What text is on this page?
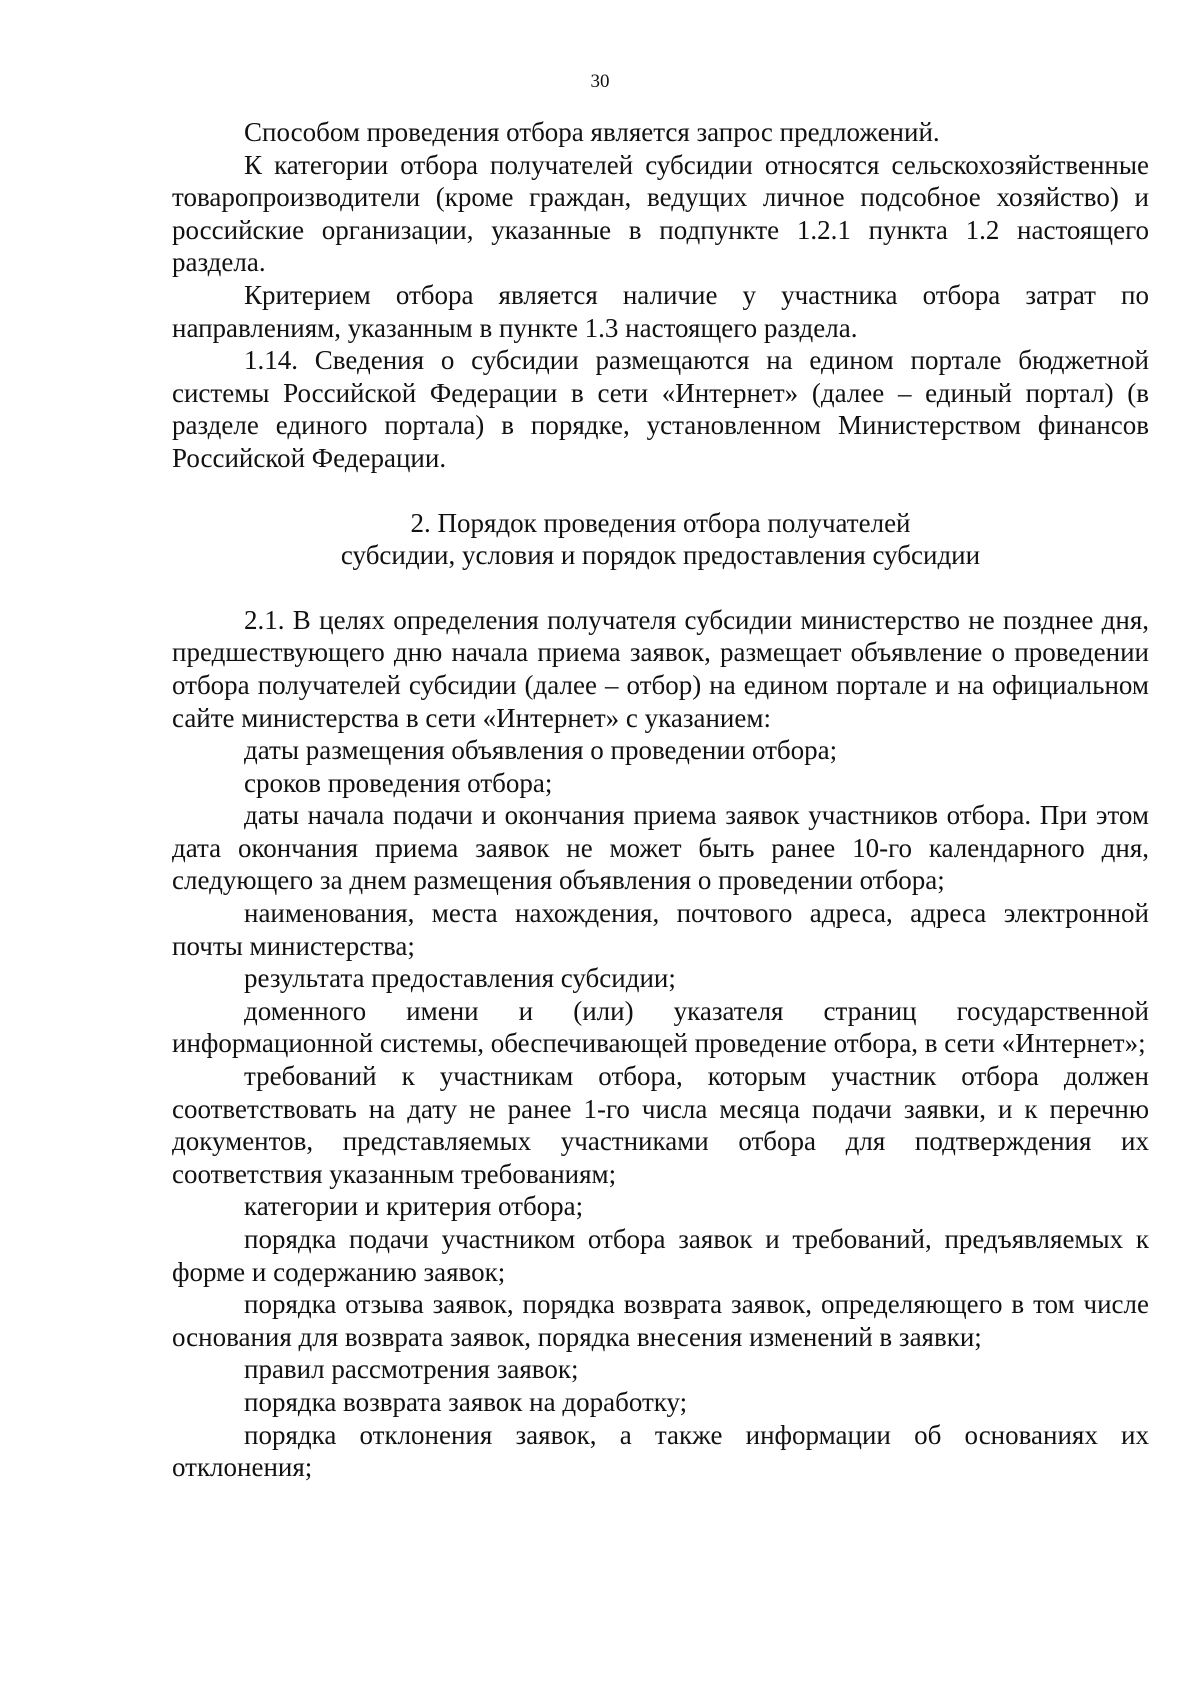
30

Способом проведения отбора является запрос предложений.

К категории отбора получателей субсидии относятся сельскохозяйственные товаропроизводители (кроме граждан, ведущих личное подсобное хозяйство) и российские организации, указанные в подпункте 1.2.1 пункта 1.2 настоящего раздела.

Критерием отбора является наличие у участника отбора затрат по направлениям, указанным в пункте 1.3 настоящего раздела.

1.14. Сведения о субсидии размещаются на едином портале бюджетной системы Российской Федерации в сети «Интернет» (далее – единый портал) (в разделе единого портала) в порядке, установленном Министерством финансов Российской Федерации.

2. Порядок проведения отбора получателей

субсидии, условия и порядок предоставления субсидии

2.1. В целях определения получателя субсидии министерство не позднее дня, предшествующего дню начала приема заявок, размещает объявление о проведении отбора получателей субсидии (далее – отбор) на едином портале и на официальном сайте министерства в сети «Интернет» с указанием:

даты размещения объявления о проведении отбора;

сроков проведения отбора;

даты начала подачи и окончания приема заявок участников отбора. При этом дата окончания приема заявок не может быть ранее 10-го календарного дня, следующего за днем размещения объявления о проведении отбора;

наименования, места нахождения, почтового адреса, адреса электронной почты министерства;

результата предоставления субсидии;

доменного имени и (или) указателя страниц государственной информационной системы, обеспечивающей проведение отбора, в сети «Интернет»;

требований к участникам отбора, которым участник отбора должен соответствовать на дату не ранее 1-го числа месяца подачи заявки, и к перечню документов, представляемых участниками отбора для подтверждения их соответствия указанным требованиям;

категории и критерия отбора;

порядка подачи участником отбора заявок и требований, предъявляемых к форме и содержанию заявок;

порядка отзыва заявок, порядка возврата заявок, определяющего в том числе основания для возврата заявок, порядка внесения изменений в заявки;

правил рассмотрения заявок;

порядка возврата заявок на доработку;

порядка отклонения заявок, а также информации об основаниях их отклонения;
